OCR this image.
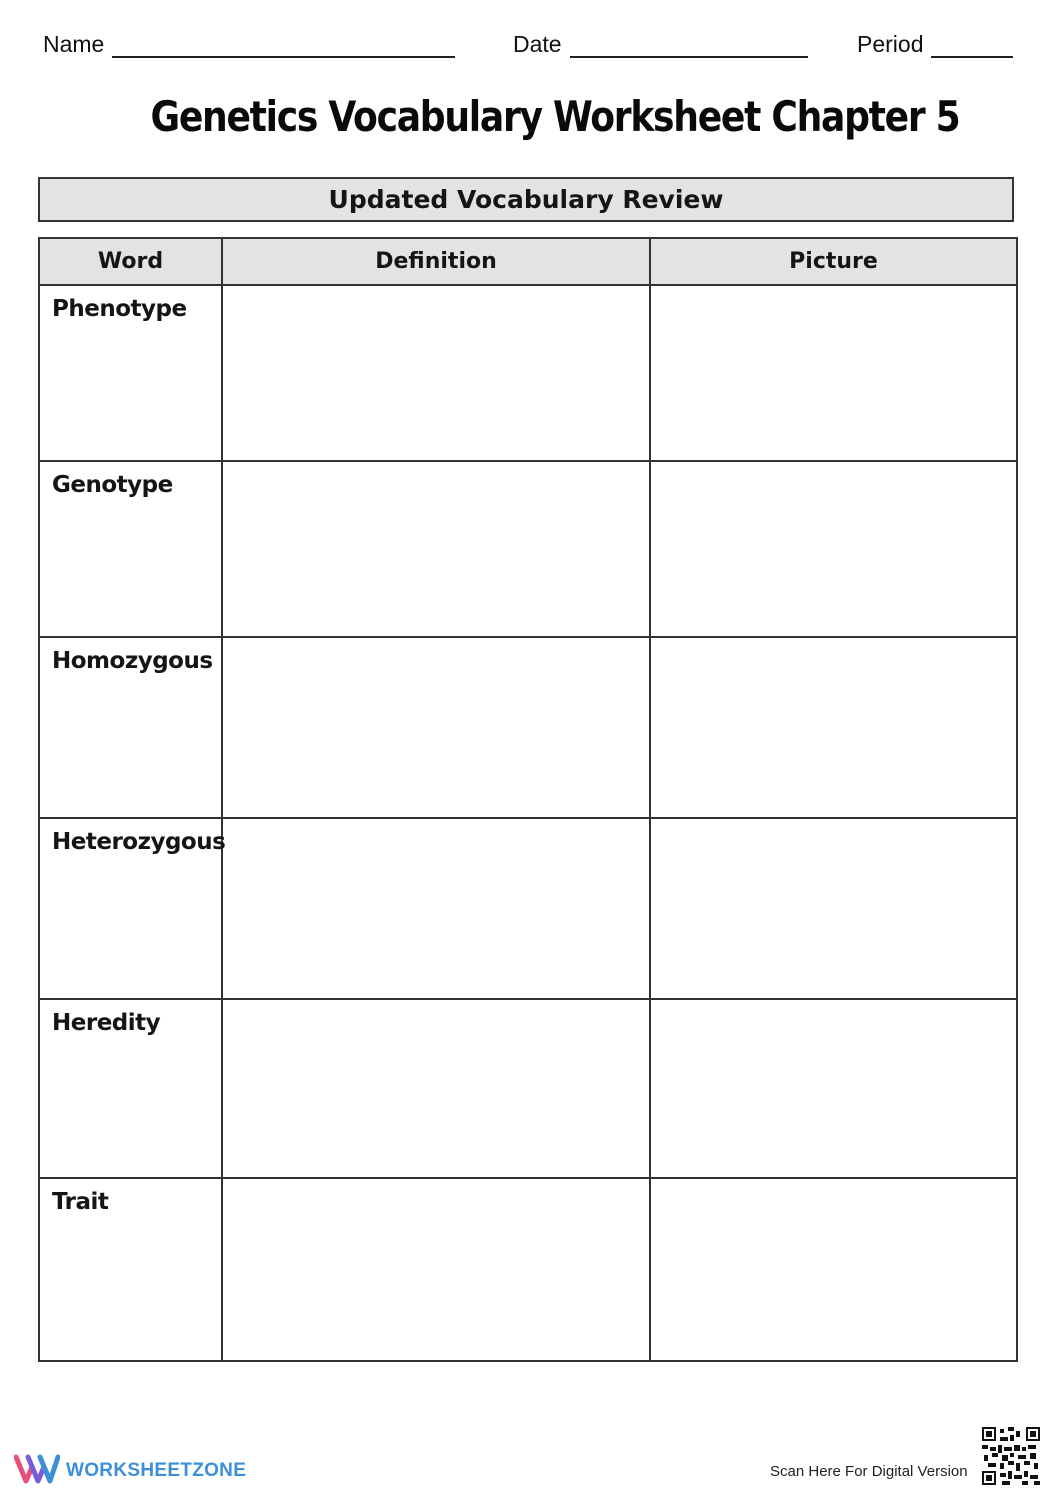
Name	Date	Period
Genetics Vocabulary Worksheet Chapter 5
Updated Vocabulary Review
Word	Definition	Picture
Phenotype		
Genotype		
Homozygous		
Heterozygous		
Heredity		
Trait		
WORKSHEETZONE	Scan Here For Digital Version
